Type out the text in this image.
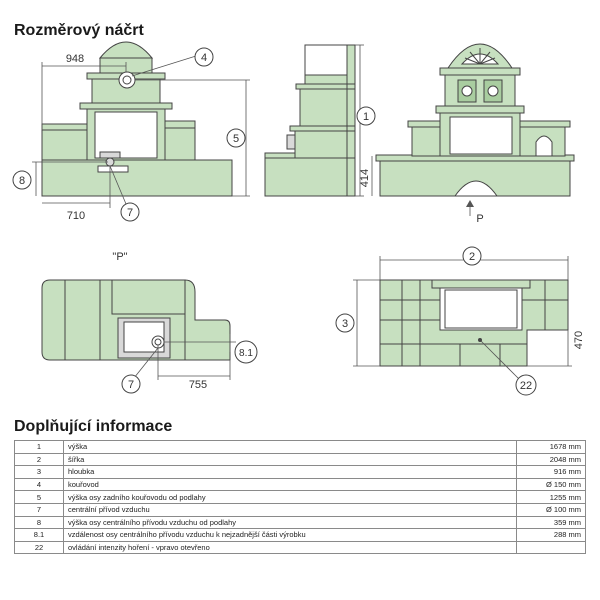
Rozměrový náčrt
1
2
3
4
5
7
7
8
8.1
22
948
710
414
755
470
"P"
P
Doplňující informace
1	výška	1678 mm
2	šířka	2048 mm
3	hloubka	916 mm
4	kouřovod	Ø 150 mm
5	výška osy zadního kouřovodu od podlahy	1255 mm
7	centrální přívod vzduchu	Ø 100 mm
8	výška osy centrálního přívodu vzduchu od podlahy	359 mm
8.1	vzdálenost osy centrálního přívodu vzduchu k nejzadnější části výrobku	288 mm
22	ovládání intenzity hoření - vpravo otevřeno	
